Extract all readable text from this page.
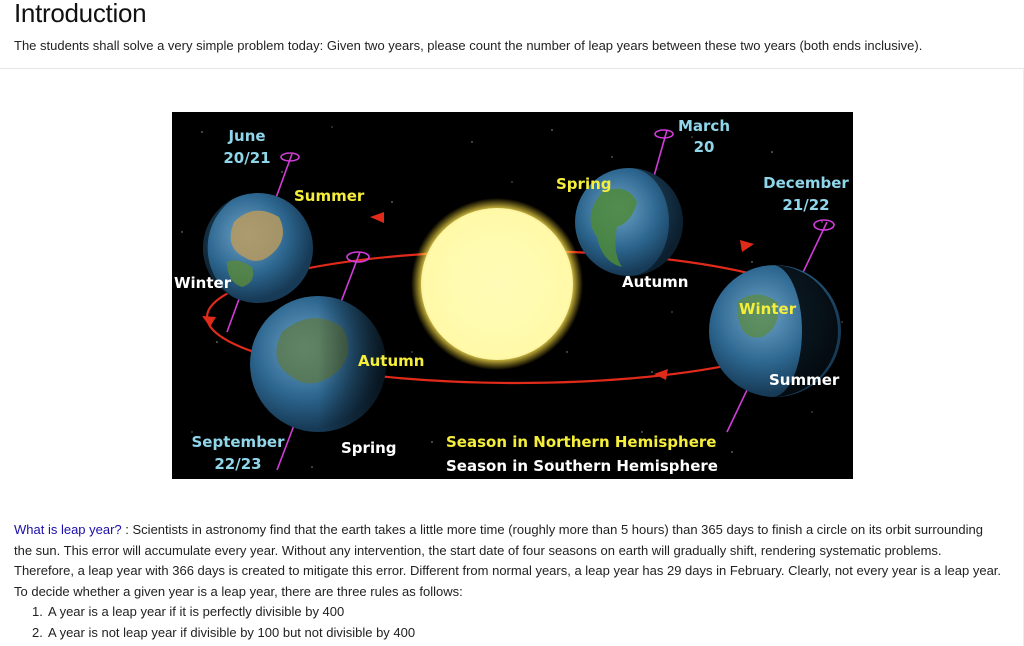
Introduction
The students shall solve a very simple problem today: Given two years, please count the number of leap years between these two years (both ends inclusive).
June
20/21
Summer
Winter
Autumn
September
22/23
Spring
Spring
Autumn
March
20
December
21/22
Winter
Summer
Season in Northern Hemisphere
Season in Southern Hemisphere
What is leap year? : Scientists in astronomy find that the earth takes a little more time (roughly more than 5 hours) than 365 days to finish a circle on its orbit surrounding the sun. This error will accumulate every year. Without any intervention, the start date of four seasons on earth will gradually shift, rendering systematic problems. Therefore, a leap year with 366 days is created to mitigate this error. Different from normal years, a leap year has 29 days in February. Clearly, not every year is a leap year. To decide whether a given year is a leap year, there are three rules as follows:
1. A year is a leap year if it is perfectly divisible by 400
2. A year is not leap year if divisible by 100 but not divisible by 400
